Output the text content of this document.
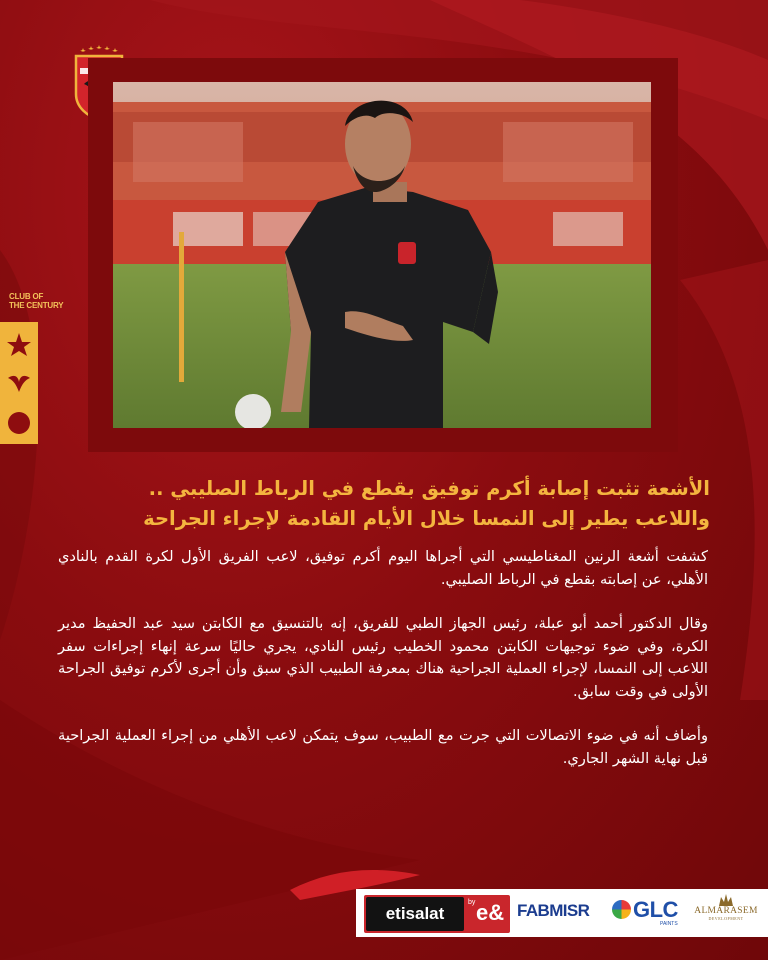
CLUB OF
THE CENTURY
الأشعة تثبت إصابة أكرم توفيق بقطع في الرباط الصليبي ..
واللاعب يطير إلى النمسا خلال الأيام القادمة لإجراء الجراحة

كشفت أشعة الرنين المغناطيسي التي أجراها اليوم أكرم توفيق، لاعب الفريق الأول لكرة القدم بالنادي الأهلي، عن إصابته بقطع في الرباط الصليبي.

وقال الدكتور أحمد أبو عبلة، رئيس الجهاز الطبي للفريق، إنه بالتنسيق مع الكابتن سيد عبد الحفيظ مدير الكرة، وفي ضوء توجيهات الكابتن محمود الخطيب رئيس النادي، يجري حاليًا سرعة إنهاء إجراءات سفر اللاعب إلى النمسا، لإجراء العملية الجراحية هناك بمعرفة الطبيب الذي سبق وأن أجرى لأكرم توفيق الجراحة الأولى في وقت سابق.

وأضاف أنه في ضوء الاتصالات التي جرت مع الطبيب، سوف يتمكن لاعب الأهلي من إجراء العملية الجراحية قبل نهاية الشهر الجاري.

etisalat
by e& FABMISR	GLC
PAINTS
ALMARASEM
DEVELOPMENT
